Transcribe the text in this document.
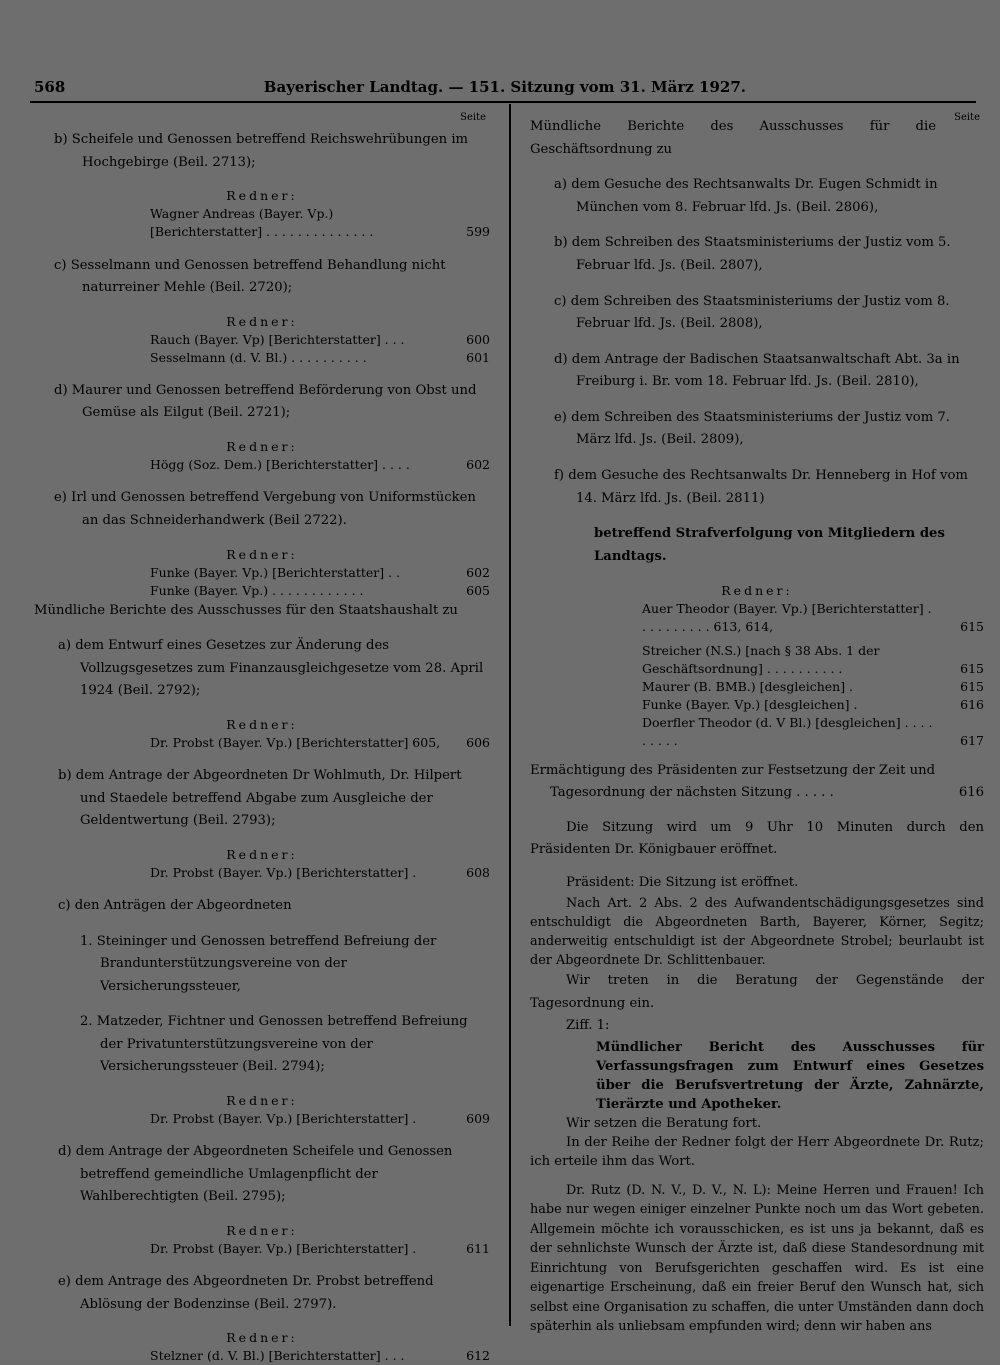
568	Bayerischer Landtag. — 151. Sitzung vom 31. März 1927.
Seite

b) Scheifele und Genossen betreffend Reichswehrübungen im Hochgebirge (Beil. 2713);

Redner:

Wagner Andreas (Bayer. Vp.) [Berichterstatter] . . . . . . . . . . . . . .	599

c) Sesselmann und Genossen betreffend Behandlung nicht naturreiner Mehle (Beil. 2720);

Redner:

Rauch (Bayer. Vp) [Berichterstatter] . . .	600
Sesselmann (d. V. Bl.) . . . . . . . . . .	601

d) Maurer und Genossen betreffend Beförderung von Obst und Gemüse als Eilgut (Beil. 2721);

Redner:

Högg (Soz. Dem.) [Berichterstatter] . . . .	602

e) Irl und Genossen betreffend Vergebung von Uniformstücken an das Schneiderhandwerk (Beil 2722).

Redner:

Funke (Bayer. Vp.) [Berichterstatter] . .	602
Funke (Bayer. Vp.) . . . . . . . . . . . .	605

Mündliche Berichte des Ausschusses für den Staatshaushalt zu

a) dem Entwurf eines Gesetzes zur Änderung des Vollzugsgesetzes zum Finanzausgleichgesetze vom 28. April 1924 (Beil. 2792);

Redner:

Dr. Probst (Bayer. Vp.) [Berichterstatter] 605,	606

b) dem Antrage der Abgeordneten Dr Wohlmuth, Dr. Hilpert und Staedele betreffend Abgabe zum Ausgleiche der Geldentwertung (Beil. 2793);

Redner:

Dr. Probst (Bayer. Vp.) [Berichterstatter] .	608

c) den Anträgen der Abgeordneten

1. Steininger und Genossen betreffend Befreiung der Brandunterstützungsvereine von der Versicherungssteuer,

2. Matzeder, Fichtner und Genossen betreffend Befreiung der Privatunterstützungsvereine von der Versicherungssteuer (Beil. 2794);

Redner:

Dr. Probst (Bayer. Vp.) [Berichterstatter] .	609

d) dem Antrage der Abgeordneten Scheifele und Genossen betreffend gemeindliche Umlagenpflicht der Wahlberechtigten (Beil. 2795);

Redner:

Dr. Probst (Bayer. Vp.) [Berichterstatter] .	611

e) dem Antrage des Abgeordneten Dr. Probst betreffend Ablösung der Bodenzinse (Beil. 2797).

Redner:

Stelzner (d. V. Bl.) [Berichterstatter] . . .	612
Seite

Mündliche Berichte des Ausschusses für die Geschäftsordnung zu

a) dem Gesuche des Rechtsanwalts Dr. Eugen Schmidt in München vom 8. Februar lfd. Js. (Beil. 2806),

b) dem Schreiben des Staatsministeriums der Justiz vom 5. Februar lfd. Js. (Beil. 2807),

c) dem Schreiben des Staatsministeriums der Justiz vom 8. Februar lfd. Js. (Beil. 2808),

d) dem Antrage der Badischen Staatsanwaltschaft Abt. 3a in Freiburg i. Br. vom 18. Februar lfd. Js. (Beil. 2810),

e) dem Schreiben des Staatsministeriums der Justiz vom 7. März lfd. Js. (Beil. 2809),

f) dem Gesuche des Rechtsanwalts Dr. Henneberg in Hof vom 14. März lfd. Js. (Beil. 2811)

betreffend Strafverfolgung von Mitgliedern des Landtags.

Redner:

Auer Theodor (Bayer. Vp.) [Berichterstatter] . . . . . . . . . . 613, 614,	615
Streicher (N.S.) [nach § 38 Abs. 1 der Geschäftsordnung] . . . . . . . . . .	615
Maurer (B. BMB.) [desgleichen] .	615
Funke (Bayer. Vp.) [desgleichen] .	616
Doerfler Theodor (d. V Bl.) [desgleichen] . . . . . . . . .	617
Ermächtigung des Präsidenten zur Festsetzung der Zeit und Tagesordnung der nächsten Sitzung . . . . .	616

Die Sitzung wird um 9 Uhr 10 Minuten durch den Präsidenten Dr. Königbauer eröffnet.

Präsident: Die Sitzung ist eröffnet.

Nach Art. 2 Abs. 2 des Aufwandentschädigungsgesetzes sind entschuldigt die Abgeordneten Barth, Bayerer, Körner, Segitz; anderweitig entschuldigt ist der Abgeordnete Strobel; beurlaubt ist der Abgeordnete Dr. Schlittenbauer.

Wir treten in die Beratung der Gegenstände der Tagesordnung ein.

Ziff. 1:

Mündlicher Bericht des Ausschusses für Verfassungsfragen zum Entwurf eines Gesetzes über die Berufsvertretung der Ärzte, Zahnärzte, Tierärzte und Apotheker.

Wir setzen die Beratung fort.

In der Reihe der Redner folgt der Herr Abgeordnete Dr. Rutz; ich erteile ihm das Wort.

Dr. Rutz (D. N. V., D. V., N. L): Meine Herren und Frauen! Ich habe nur wegen einiger einzelner Punkte noch um das Wort gebeten. Allgemein möchte ich vorausschicken, es ist uns ja bekannt, daß es der sehnlichste Wunsch der Ärzte ist, daß diese Standesordnung mit Einrichtung von Berufsgerichten geschaffen wird. Es ist eine eigenartige Erscheinung, daß ein freier Beruf den Wunsch hat, sich selbst eine Organisation zu schaffen, die unter Umständen dann doch späterhin als unliebsam empfunden wird; denn wir haben ans
